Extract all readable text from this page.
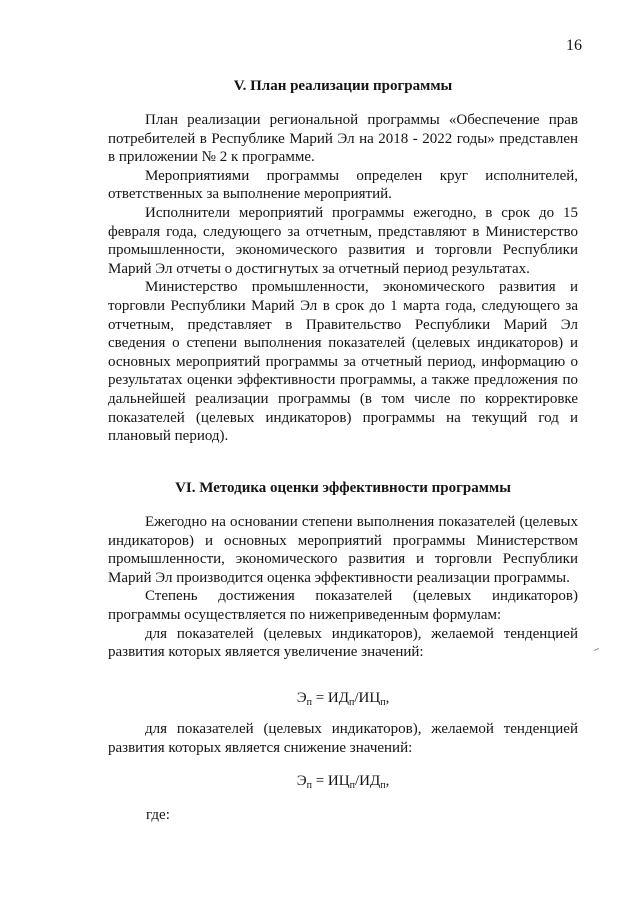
16
V. План реализации программы

План реализации региональной программы «Обеспечение прав потребителей в Республике Марий Эл на 2018 - 2022 годы» представлен в приложении № 2 к программе.

Мероприятиями программы определен круг исполнителей, ответственных за выполнение мероприятий.

Исполнители мероприятий программы ежегодно, в срок до 15 февраля года, следующего за отчетным, представляют в Министерство промышленности, экономического развития и торговли Республики Марий Эл отчеты о достигнутых за отчетный период результатах.

Министерство промышленности, экономического развития и торговли Республики Марий Эл в срок до 1 марта года, следующего за отчетным, представляет в Правительство Республики Марий Эл сведения о степени выполнения показателей (целевых индикаторов) и основных мероприятий программы за отчетный период, информацию о результатах оценки эффективности программы, а также предложения по дальнейшей реализации программы (в том числе по корректировке показателей (целевых индикаторов) программы на текущий год и плановый период).

VI. Методика оценки эффективности программы

Ежегодно на основании степени выполнения показателей (целевых индикаторов) и основных мероприятий программы Министерством промышленности, экономического развития и торговли Республики Марий Эл производится оценка эффективности реализации программы.

Степень достижения показателей (целевых индикаторов) программы осуществляется по нижеприведенным формулам:

для показателей (целевых индикаторов), желаемой тенденцией развития которых является увеличение значений:

$Э_п = ИД_п/ИЦ_п$,

для показателей (целевых индикаторов), желаемой тенденцией развития которых является снижение значений:

$Э_п = ИЦ_п/ИД_п$,
где:
